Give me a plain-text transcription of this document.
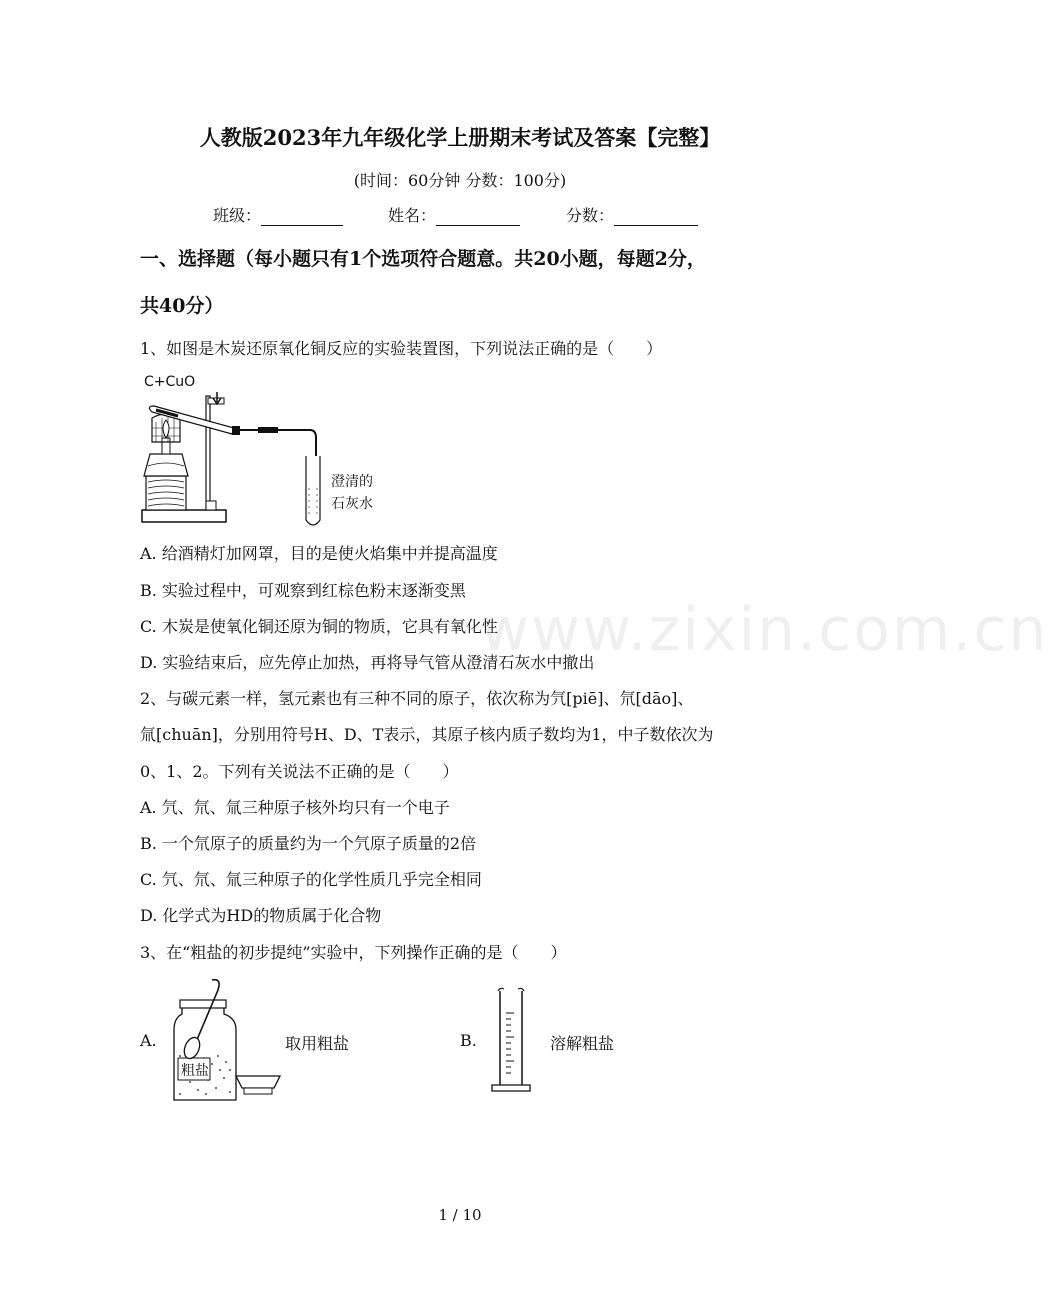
人教版2023年九年级化学上册期末考试及答案【完整】
(时间：60分钟 分数：100分)
班级：	姓名：	分数：
一、选择题（每小题只有1个选项符合题意。共20小题，每题2分，
共40分）
1、如图是木炭还原氧化铜反应的实验装置图，下列说法正确的是（　　）
C+CuO
澄清的
石灰水
A. 给酒精灯加网罩，目的是使火焰集中并提高温度
B. 实验过程中，可观察到红棕色粉末逐渐变黑
C. 木炭是使氧化铜还原为铜的物质，它具有氧化性
D. 实验结束后，应先停止加热，再将导气管从澄清石灰水中撤出
www.zixin.com.cn
2、与碳元素一样，氢元素也有三种不同的原子，依次称为氕[piē]、氘[dāo]、
氚[chuān]，分别用符号H、D、T表示，其原子核内质子数均为1，中子数依次为
0、1、2。下列有关说法不正确的是（　　）
A. 氕、氘、氚三种原子核外均只有一个电子
B. 一个氘原子的质量约为一个氕原子质量的2倍
C. 氕、氘、氚三种原子的化学性质几乎完全相同
D. 化学式为HD的物质属于化合物
3、在“粗盐的初步提纯”实验中，下列操作正确的是（　　）
A.
粗盐
取用粗盐	B.	溶解粗盐
1 / 10
